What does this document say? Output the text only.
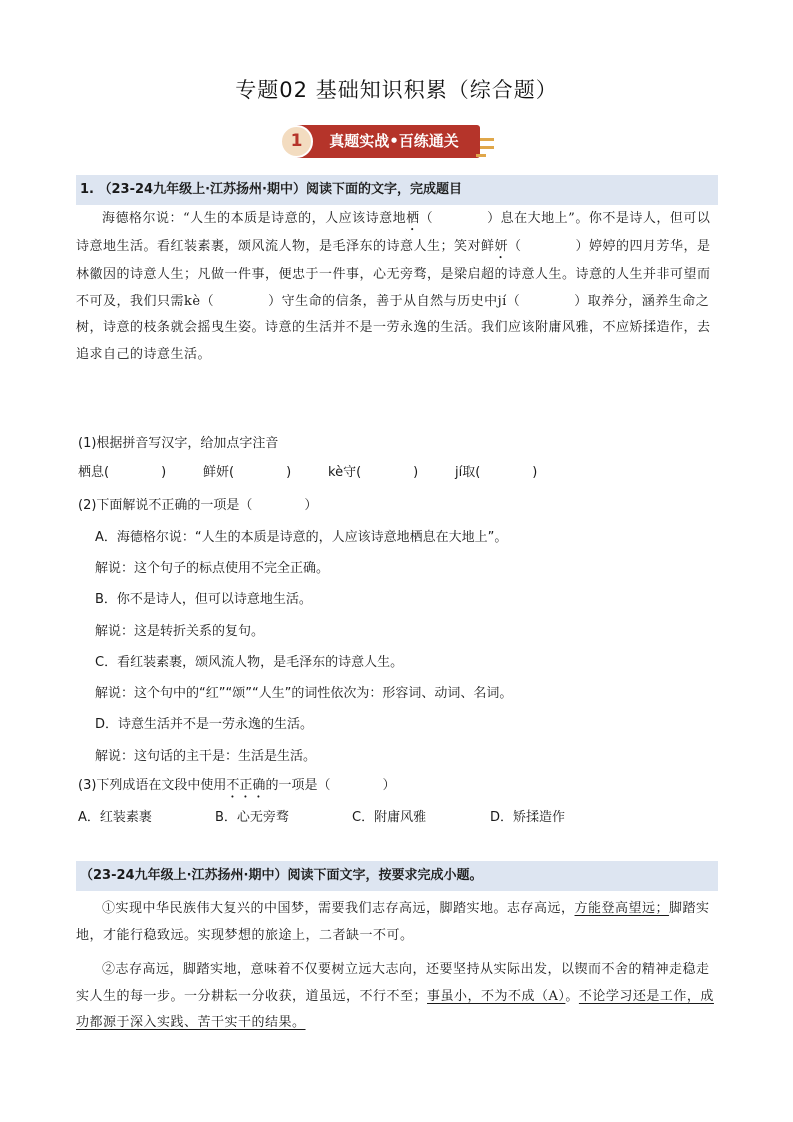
专题02 基础知识积累（综合题）
真题实战•百练通关
1
1. （23-24九年级上·江苏扬州·期中）阅读下面的文字，完成题目

海德格尔说：“人生的本质是诗意的，人应该诗意地栖（　　　　）息在大地上”。你不是诗人，但可以诗意地生活。看红装素裹，颂风流人物，是毛泽东的诗意人生；笑对鲜妍（　　　　）婷婷的四月芳华，是林徽因的诗意人生；凡做一件事，便忠于一件事，心无旁骛，是梁启超的诗意人生。诗意的人生并非可望而不可及，我们只需kè（　　　　）守生命的信条，善于从自然与历史中jí（　　　　）取养分，涵养生命之树，诗意的枝条就会摇曳生姿。诗意的生活并不是一劳永逸的生活。我们应该附庸风雅，不应矫揉造作，去追求自己的诗意生活。

(1)根据拼音写汉字，给加点字注音
栖息(　　　　)	鲜妍(　　　　)	kè守(　　　　)	jí取(　　　　)
(2)下面解说不正确的一项是（　　　　）
A．海德格尔说：“人生的本质是诗意的，人应该诗意地栖息在大地上”。
解说：这个句子的标点使用不完全正确。
B．你不是诗人，但可以诗意地生活。
解说：这是转折关系的复句。
C．看红装素裹，颂风流人物，是毛泽东的诗意人生。
解说：这个句中的“红”“颂”“人生”的词性依次为：形容词、动词、名词。
D．诗意生活并不是一劳永逸的生活。
解说：这句话的主干是：生活是生活。
(3)下列成语在文段中使用不正确的一项是（　　　　）
A．红装素裹	B．心无旁骛	C．附庸风雅	D．矫揉造作
（23-24九年级上·江苏扬州·期中）阅读下面文字，按要求完成小题。

①实现中华民族伟大复兴的中国梦，需要我们志存高远，脚踏实地。志存高远，方能登高望远；脚踏实地，才能行稳致远。实现梦想的旅途上，二者缺一不可。

②志存高远，脚踏实地，意味着不仅要树立远大志向，还要坚持从实际出发，以锲而不舍的精神走稳走实人生的每一步。一分耕耘一分收获，道虽远，不行不至；事虽小，不为不成（A）。不论学习还是工作，成功都源于深入实践、苦干实干的结果。
